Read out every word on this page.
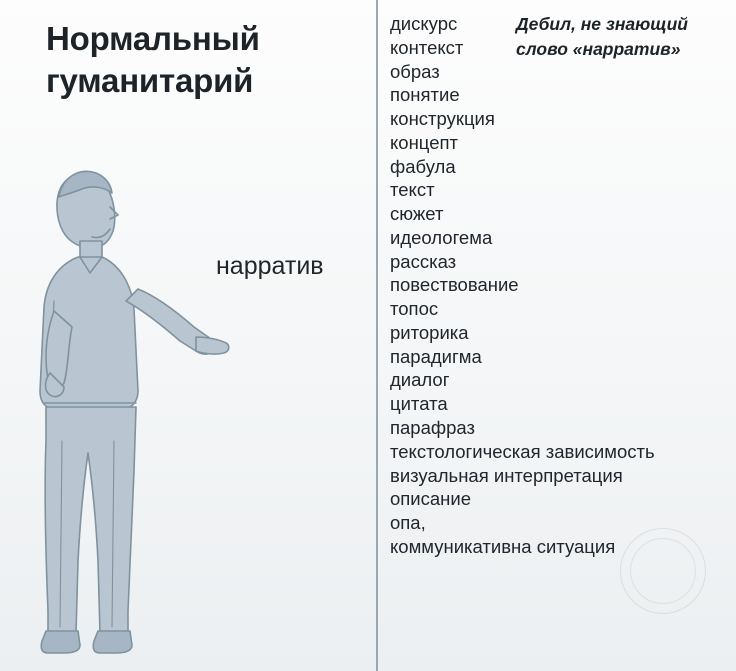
Нормальный гуманитарий
нарратив
Дебил, не знающий слово «нарратив»
дискурс
контекст
образ
понятие
конструкция
концепт
фабула
текст
сюжет
идеологема
рассказ
повествование
топос
риторика
парадигма
диалог
цитата
парафраз
текстологическая зависимость
визуальная интерпретация
описание
опа,
коммуникативна ситуация
